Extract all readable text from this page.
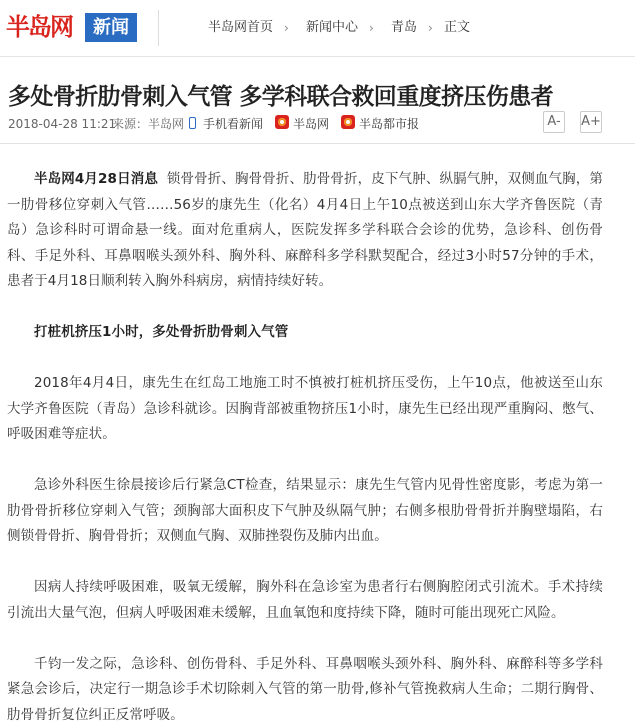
半岛网	新闻	半岛网首页 › 新闻中心 › 青岛 › 正文
多处骨折肋骨刺入气管 多学科联合救回重度挤压伤患者
2018-04-28 11:21
来源：半岛网 手机看新闻 半岛网 半岛都市报	A-	A+

半岛网4月28日消息 锁骨骨折、胸骨骨折、肋骨骨折，皮下气肿、纵膈气肿，双侧血气胸，第一肋骨移位穿刺入气管……56岁的康先生（化名）4月4日上午10点被送到山东大学齐鲁医院（青岛）急诊科时可谓命悬一线。面对危重病人，医院发挥多学科联合会诊的优势，急诊科、创伤骨科、手足外科、耳鼻咽喉头颈外科、胸外科、麻醉科多学科默契配合，经过3小时57分钟的手术，患者于4月18日顺利转入胸外科病房，病情持续好转。

打桩机挤压1小时，多处骨折肋骨刺入气管

2018年4月4日，康先生在红岛工地施工时不慎被打桩机挤压受伤，上午10点，他被送至山东大学齐鲁医院（青岛）急诊科就诊。因胸背部被重物挤压1小时，康先生已经出现严重胸闷、憋气、呼吸困难等症状。

急诊外科医生徐晨接诊后行紧急CT检查，结果显示：康先生气管内见骨性密度影，考虑为第一肋骨骨折移位穿刺入气管；颈胸部大面积皮下气肿及纵隔气肿；右侧多根肋骨骨折并胸壁塌陷，右侧锁骨骨折、胸骨骨折；双侧血气胸、双肺挫裂伤及肺内出血。

因病人持续呼吸困难，吸氧无缓解，胸外科在急诊室为患者行右侧胸腔闭式引流术。手术持续引流出大量气泡，但病人呼吸困难未缓解，且血氧饱和度持续下降，随时可能出现死亡风险。

千钧一发之际，急诊科、创伤骨科、手足外科、耳鼻咽喉头颈外科、胸外科、麻醉科等多学科紧急会诊后，决定行一期急诊手术切除刺入气管的第一肋骨,修补气管挽救病人生命；二期行胸骨、肋骨骨折复位纠正反常呼吸。
